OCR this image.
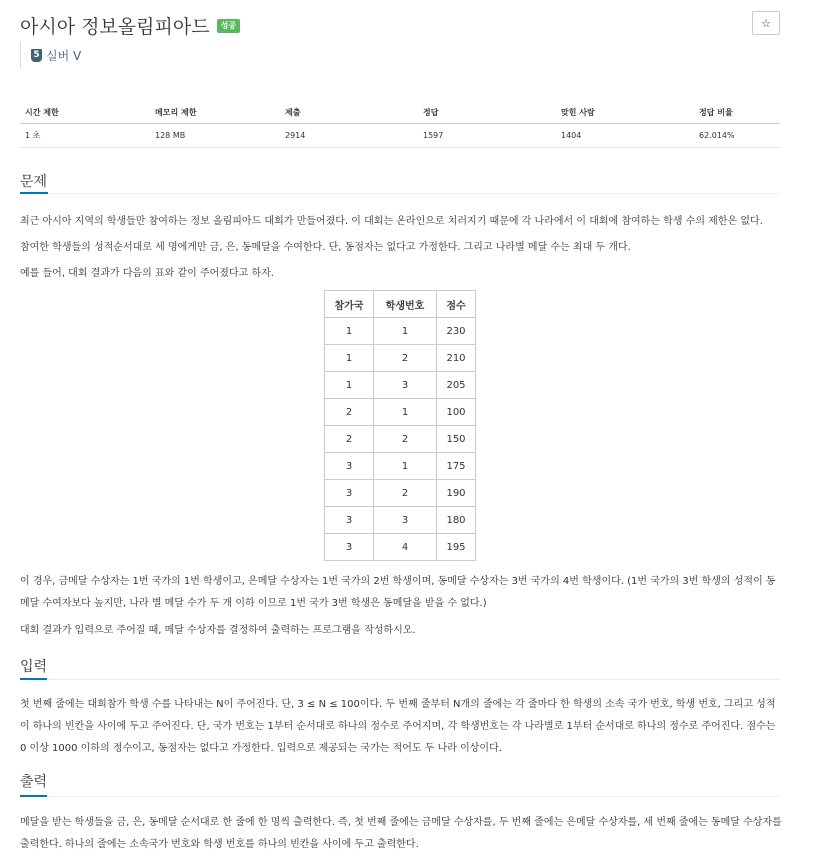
아시아 정보올림피아드	성공	☆
5 실버 V
시간 제한	메모리 제한	제출	정답	맞힌 사람	정답 비율
1 초	128 MB	2914	1597	1404	62.014%
문제

최근 아시아 지역의 학생들만 참여하는 정보 올림피아드 대회가 만들어졌다. 이 대회는 온라인으로 치러지기 때문에 각 나라에서 이 대회에 참여하는 학생 수의 제한은 없다.

참여한 학생들의 성적순서대로 세 명에게만 금, 은, 동메달을 수여한다. 단, 동점자는 없다고 가정한다. 그리고 나라별 메달 수는 최대 두 개다.

예를 들어, 대회 결과가 다음의 표와 같이 주어졌다고 하자.

참가국	학생번호	점수
1	1	230
1	2	210
1	3	205
2	1	100
2	2	150
3	1	175
3	2	190
3	3	180
3	4	195

이 경우, 금메달 수상자는 1번 국가의 1번 학생이고, 은메달 수상자는 1번 국가의 2번 학생이며, 동메달 수상자는 3번 국가의 4번 학생이다. (1번 국가의 3번 학생의 성적이 동메달 수여자보다 높지만, 나라 별 메달 수가 두 개 이하 이므로 1번 국가 3번 학생은 동메달을 받을 수 없다.)

대회 결과가 입력으로 주어질 때, 메달 수상자를 결정하여 출력하는 프로그램을 작성하시오.

입력

첫 번째 줄에는 대회참가 학생 수를 나타내는 N이 주어진다. 단, 3 ≤ N ≤ 100이다. 두 번째 줄부터 N개의 줄에는 각 줄마다 한 학생의 소속 국가 번호, 학생 번호, 그리고 성적이 하나의 빈칸을 사이에 두고 주어진다. 단, 국가 번호는 1부터 순서대로 하나의 정수로 주어지며, 각 학생번호는 각 나라별로 1부터 순서대로 하나의 정수로 주어진다. 점수는 0 이상 1000 이하의 정수이고, 동점자는 없다고 가정한다. 입력으로 제공되는 국가는 적어도 두 나라 이상이다.

출력

메달을 받는 학생들을 금, 은, 동메달 순서대로 한 줄에 한 명씩 출력한다. 즉, 첫 번째 줄에는 금메달 수상자를, 두 번째 줄에는 은메달 수상자를, 세 번째 줄에는 동메달 수상자를 출력한다. 하나의 줄에는 소속국가 번호와 학생 번호를 하나의 빈칸을 사이에 두고 출력한다.
